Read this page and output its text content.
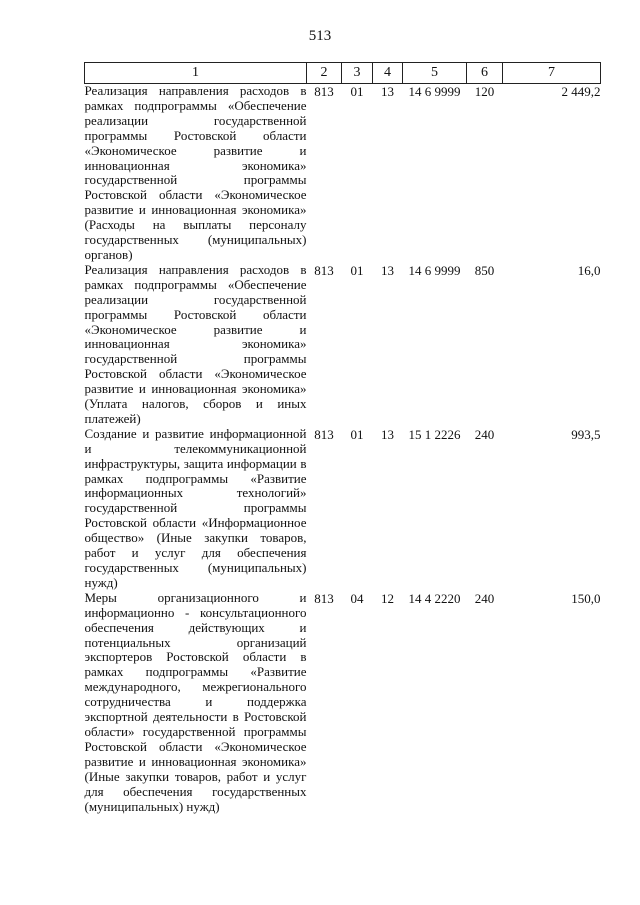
513
1	2	3	4	5	6	7
Реализация направления расходов в рамках подпрограммы «Обеспечение реализации государственной программы Ростовской области «Экономическое развитие и инновационная экономика» государственной программы Ростовской области «Экономическое развитие и инновационная экономика» (Расходы на выплаты персоналу государственных (муниципальных) органов)	813	01	13	14 6 9999	120	2 449,2
Реализация направления расходов в рамках подпрограммы «Обеспечение реализации государственной программы Ростовской области «Экономическое развитие и инновационная экономика» государственной программы Ростовской области «Экономическое развитие и инновационная экономика» (Уплата налогов, сборов и иных платежей)	813	01	13	14 6 9999	850	16,0
Создание и развитие информационной и телекоммуникационной инфраструктуры, защита информации в рамках подпрограммы «Развитие информационных технологий» государственной программы Ростовской области «Информационное общество» (Иные закупки товаров, работ и услуг для обеспечения государственных (муниципальных) нужд)	813	01	13	15 1 2226	240	993,5
Меры организационного и информационно - консультационного обеспечения действующих и потенциальных организаций экспортеров Ростовской области в рамках подпрограммы «Развитие международного, межрегионального сотрудничества и поддержка экспортной деятельности в Ростовской области» государственной программы Ростовской области «Экономическое развитие и инновационная экономика» (Иные закупки товаров, работ и услуг для обеспечения государственных (муниципальных) нужд)	813	04	12	14 4 2220	240	150,0
